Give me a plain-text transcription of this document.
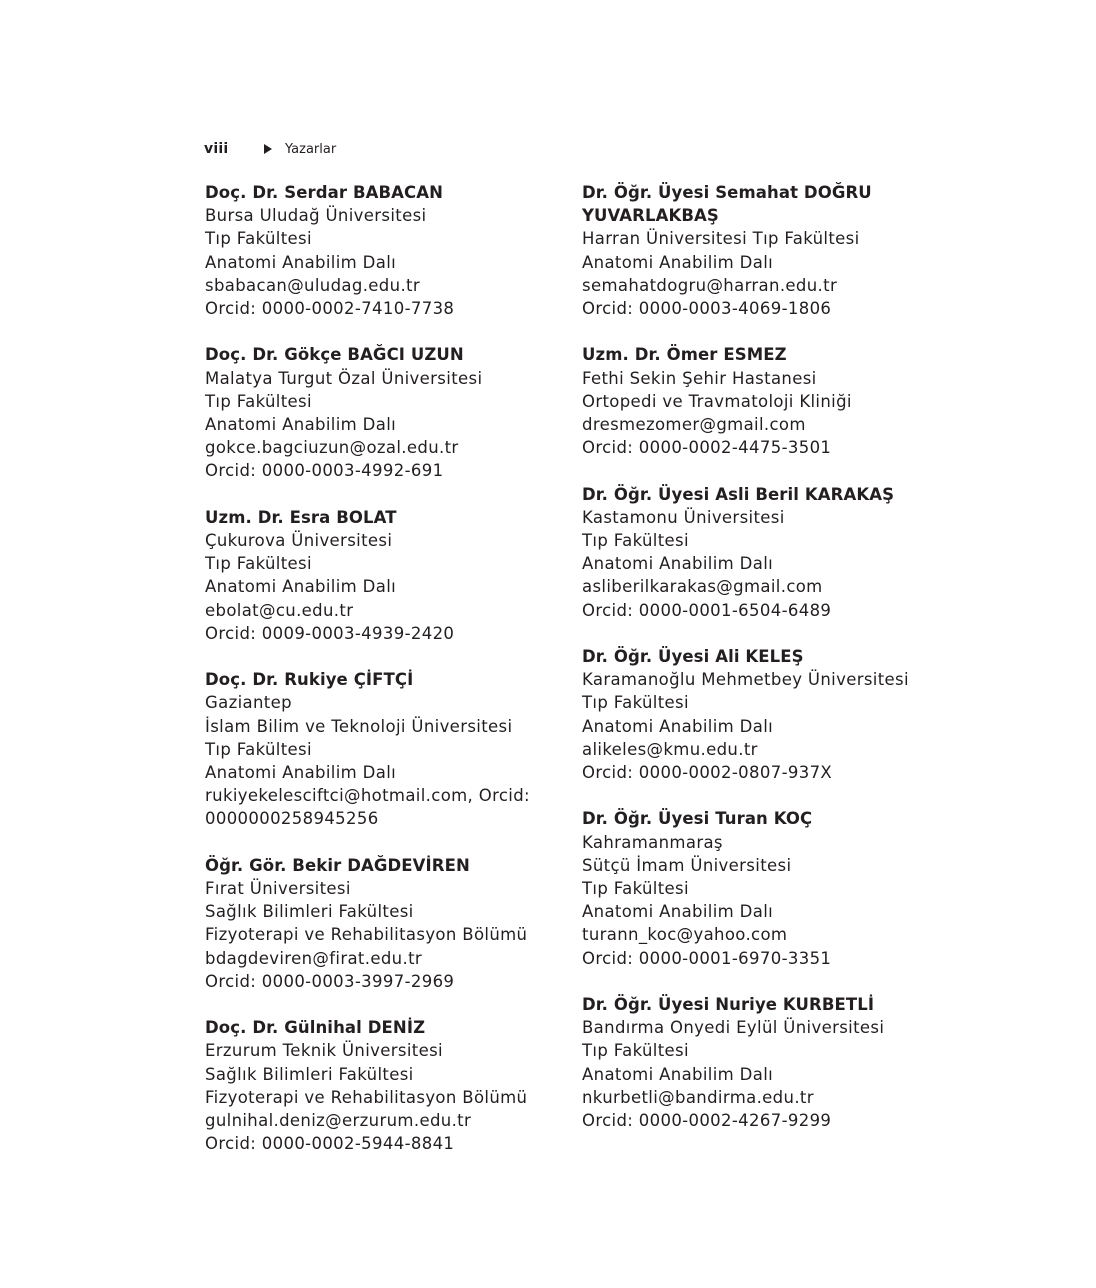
viii	Yazarlar
Doç. Dr. Serdar BABACAN
Bursa Uludağ Üniversitesi
Tıp Fakültesi
Anatomi Anabilim Dalı
sbabacan@uludag.edu.tr
Orcid: 0000-0002-7410-7738
Doç. Dr. Gökçe BAĞCI UZUN
Malatya Turgut Özal Üniversitesi
Tıp Fakültesi
Anatomi Anabilim Dalı
gokce.bagciuzun@ozal.edu.tr
Orcid: 0000-0003-4992-691
Uzm. Dr. Esra BOLAT
Çukurova Üniversitesi
Tıp Fakültesi
Anatomi Anabilim Dalı
ebolat@cu.edu.tr
Orcid: 0009-0003-4939-2420
Doç. Dr. Rukiye ÇİFTÇİ
Gaziantep
İslam Bilim ve Teknoloji Üniversitesi
Tıp Fakültesi
Anatomi Anabilim Dalı
rukiyekelesciftci@hotmail.com, Orcid:
0000000258945256
Öğr. Gör. Bekir DAĞDEVİREN
Fırat Üniversitesi
Sağlık Bilimleri Fakültesi
Fizyoterapi ve Rehabilitasyon Bölümü
bdagdeviren@firat.edu.tr
Orcid: 0000-0003-3997-2969
Doç. Dr. Gülnihal DENİZ
Erzurum Teknik Üniversitesi
Sağlık Bilimleri Fakültesi
Fizyoterapi ve Rehabilitasyon Bölümü
gulnihal.deniz@erzurum.edu.tr
Orcid: 0000-0002-5944-8841
Dr. Öğr. Üyesi Semahat DOĞRU
YUVARLAKBAŞ
Harran Üniversitesi Tıp Fakültesi
Anatomi Anabilim Dalı
semahatdogru@harran.edu.tr
Orcid: 0000-0003-4069-1806
Uzm. Dr. Ömer ESMEZ
Fethi Sekin Şehir Hastanesi
Ortopedi ve Travmatoloji Kliniği
dresmezomer@gmail.com
Orcid: 0000-0002-4475-3501
Dr. Öğr. Üyesi Asli Beril KARAKAŞ
Kastamonu Üniversitesi
Tıp Fakültesi
Anatomi Anabilim Dalı
asliberilkarakas@gmail.com
Orcid: 0000-0001-6504-6489
Dr. Öğr. Üyesi Ali KELEŞ
Karamanoğlu Mehmetbey Üniversitesi
Tıp Fakültesi
Anatomi Anabilim Dalı
alikeles@kmu.edu.tr
Orcid: 0000-0002-0807-937X
Dr. Öğr. Üyesi Turan KOÇ
Kahramanmaraş
Sütçü İmam Üniversitesi
Tıp Fakültesi
Anatomi Anabilim Dalı
turann_koc@yahoo.com
Orcid: 0000-0001-6970-3351
Dr. Öğr. Üyesi Nuriye KURBETLİ
Bandırma Onyedi Eylül Üniversitesi
Tıp Fakültesi
Anatomi Anabilim Dalı
nkurbetli@bandirma.edu.tr
Orcid: 0000-0002-4267-9299
